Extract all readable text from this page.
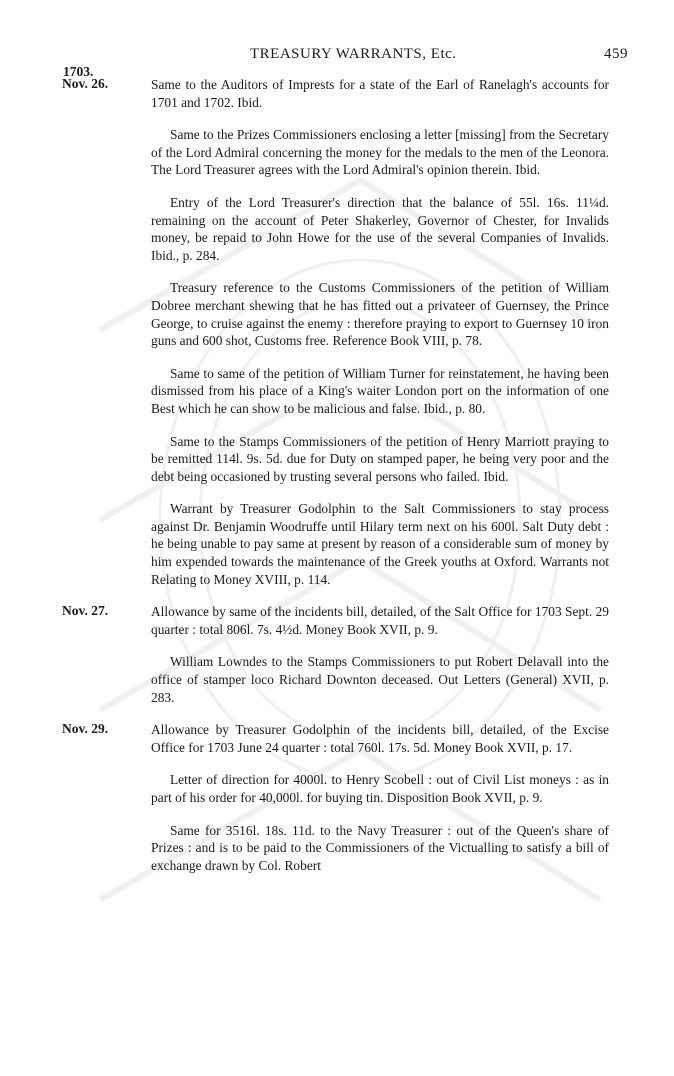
TREASURY WARRANTS, Etc.	459
1703.
Nov. 26.	Same to the Auditors of Imprests for a state of the Earl of Ranelagh's accounts for 1701 and 1702. Ibid.
Same to the Prizes Commissioners enclosing a letter [missing] from the Secretary of the Lord Admiral concerning the money for the medals to the men of the Leonora. The Lord Treasurer agrees with the Lord Admiral's opinion therein. Ibid.
Entry of the Lord Treasurer's direction that the balance of 55l. 16s. 11¼d. remaining on the account of Peter Shakerley, Governor of Chester, for Invalids money, be repaid to John Howe for the use of the several Companies of Invalids. Ibid., p. 284.
Treasury reference to the Customs Commissioners of the petition of William Dobree merchant shewing that he has fitted out a privateer of Guernsey, the Prince George, to cruise against the enemy : therefore praying to export to Guernsey 10 iron guns and 600 shot, Customs free. Reference Book VIII, p. 78.
Same to same of the petition of William Turner for reinstatement, he having been dismissed from his place of a King's waiter London port on the information of one Best which he can show to be malicious and false. Ibid., p. 80.
Same to the Stamps Commissioners of the petition of Henry Marriott praying to be remitted 114l. 9s. 5d. due for Duty on stamped paper, he being very poor and the debt being occasioned by trusting several persons who failed. Ibid.
Warrant by Treasurer Godolphin to the Salt Commissioners to stay process against Dr. Benjamin Woodruffe until Hilary term next on his 600l. Salt Duty debt : he being unable to pay same at present by reason of a considerable sum of money by him expended towards the maintenance of the Greek youths at Oxford. Warrants not Relating to Money XVIII, p. 114.
Nov. 27.	Allowance by same of the incidents bill, detailed, of the Salt Office for 1703 Sept. 29 quarter : total 806l. 7s. 4½d. Money Book XVII, p. 9.
William Lowndes to the Stamps Commissioners to put Robert Delavall into the office of stamper loco Richard Downton deceased. Out Letters (General) XVII, p. 283.
Nov. 29.	Allowance by Treasurer Godolphin of the incidents bill, detailed, of the Excise Office for 1703 June 24 quarter : total 760l. 17s. 5d. Money Book XVII, p. 17.
Letter of direction for 4000l. to Henry Scobell : out of Civil List moneys : as in part of his order for 40,000l. for buying tin. Disposition Book XVII, p. 9.
Same for 3516l. 18s. 11d. to the Navy Treasurer : out of the Queen's share of Prizes : and is to be paid to the Commissioners of the Victualling to satisfy a bill of exchange drawn by Col. Robert
